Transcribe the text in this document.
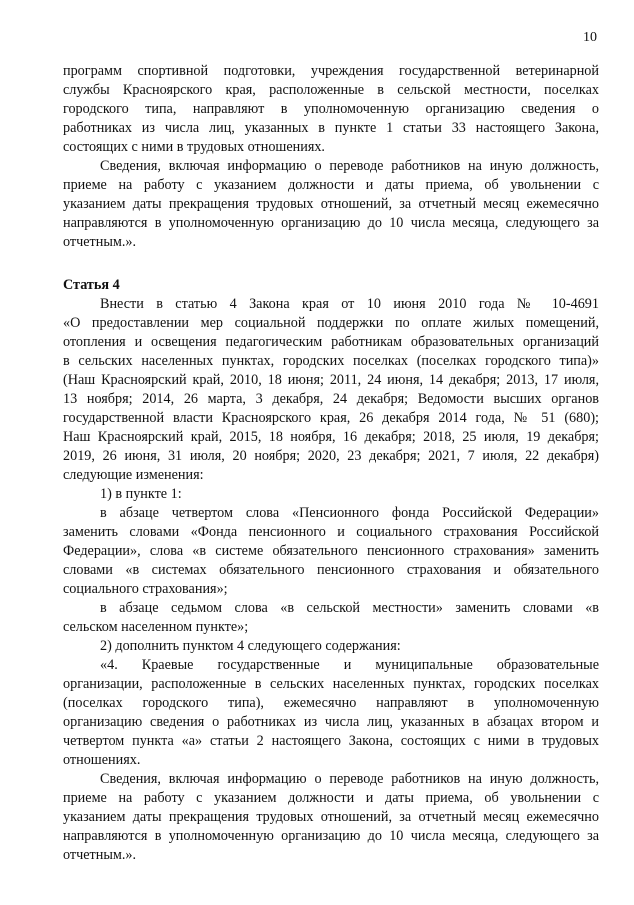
10
программ спортивной подготовки, учреждения государственной ветеринарной
службы Красноярского края, расположенные в сельской местности, поселках
городского типа, направляют в уполномоченную организацию сведения о
работниках из числа лиц, указанных в пункте 1 статьи 33 настоящего Закона,
состоящих с ними в трудовых отношениях.
Сведения, включая информацию о переводе работников на иную должность,
приеме на работу с указанием должности и даты приема, об увольнении с
указанием даты прекращения трудовых отношений, за отчетный месяц ежемесячно
направляются в уполномоченную организацию до 10 числа месяца, следующего за
отчетным.».
Статья 4
Внести в статью 4 Закона края от 10 июня 2010 года № 10-4691
«О предоставлении мер социальной поддержки по оплате жилых помещений,
отопления и освещения педагогическим работникам образовательных организаций
в сельских населенных пунктах, городских поселках (поселках городского типа)»
(Наш Красноярский край, 2010, 18 июня; 2011, 24 июня, 14 декабря; 2013, 17 июля,
13 ноября; 2014, 26 марта, 3 декабря, 24 декабря; Ведомости высших органов
государственной власти Красноярского края, 26 декабря 2014 года, № 51 (680);
Наш Красноярский край, 2015, 18 ноября, 16 декабря; 2018, 25 июля, 19 декабря;
2019, 26 июня, 31 июля, 20 ноября; 2020, 23 декабря; 2021, 7 июля, 22 декабря)
следующие изменения:
1) в пункте 1:
в абзаце четвертом слова «Пенсионного фонда Российской Федерации»
заменить словами «Фонда пенсионного и социального страхования Российской
Федерации», слова «в системе обязательного пенсионного страхования» заменить
словами «в системах обязательного пенсионного страхования и обязательного
социального страхования»;
в абзаце седьмом слова «в сельской местности» заменить словами «в
сельском населенном пункте»;
2) дополнить пунктом 4 следующего содержания:
«4. Краевые государственные и муниципальные образовательные
организации, расположенные в сельских населенных пунктах, городских поселках
(поселках городского типа), ежемесячно направляют в уполномоченную
организацию сведения о работниках из числа лиц, указанных в абзацах втором и
четвертом пункта «а» статьи 2 настоящего Закона, состоящих с ними в трудовых
отношениях.
Сведения, включая информацию о переводе работников на иную должность,
приеме на работу с указанием должности и даты приема, об увольнении с
указанием даты прекращения трудовых отношений, за отчетный месяц ежемесячно
направляются в уполномоченную организацию до 10 числа месяца, следующего за
отчетным.».
